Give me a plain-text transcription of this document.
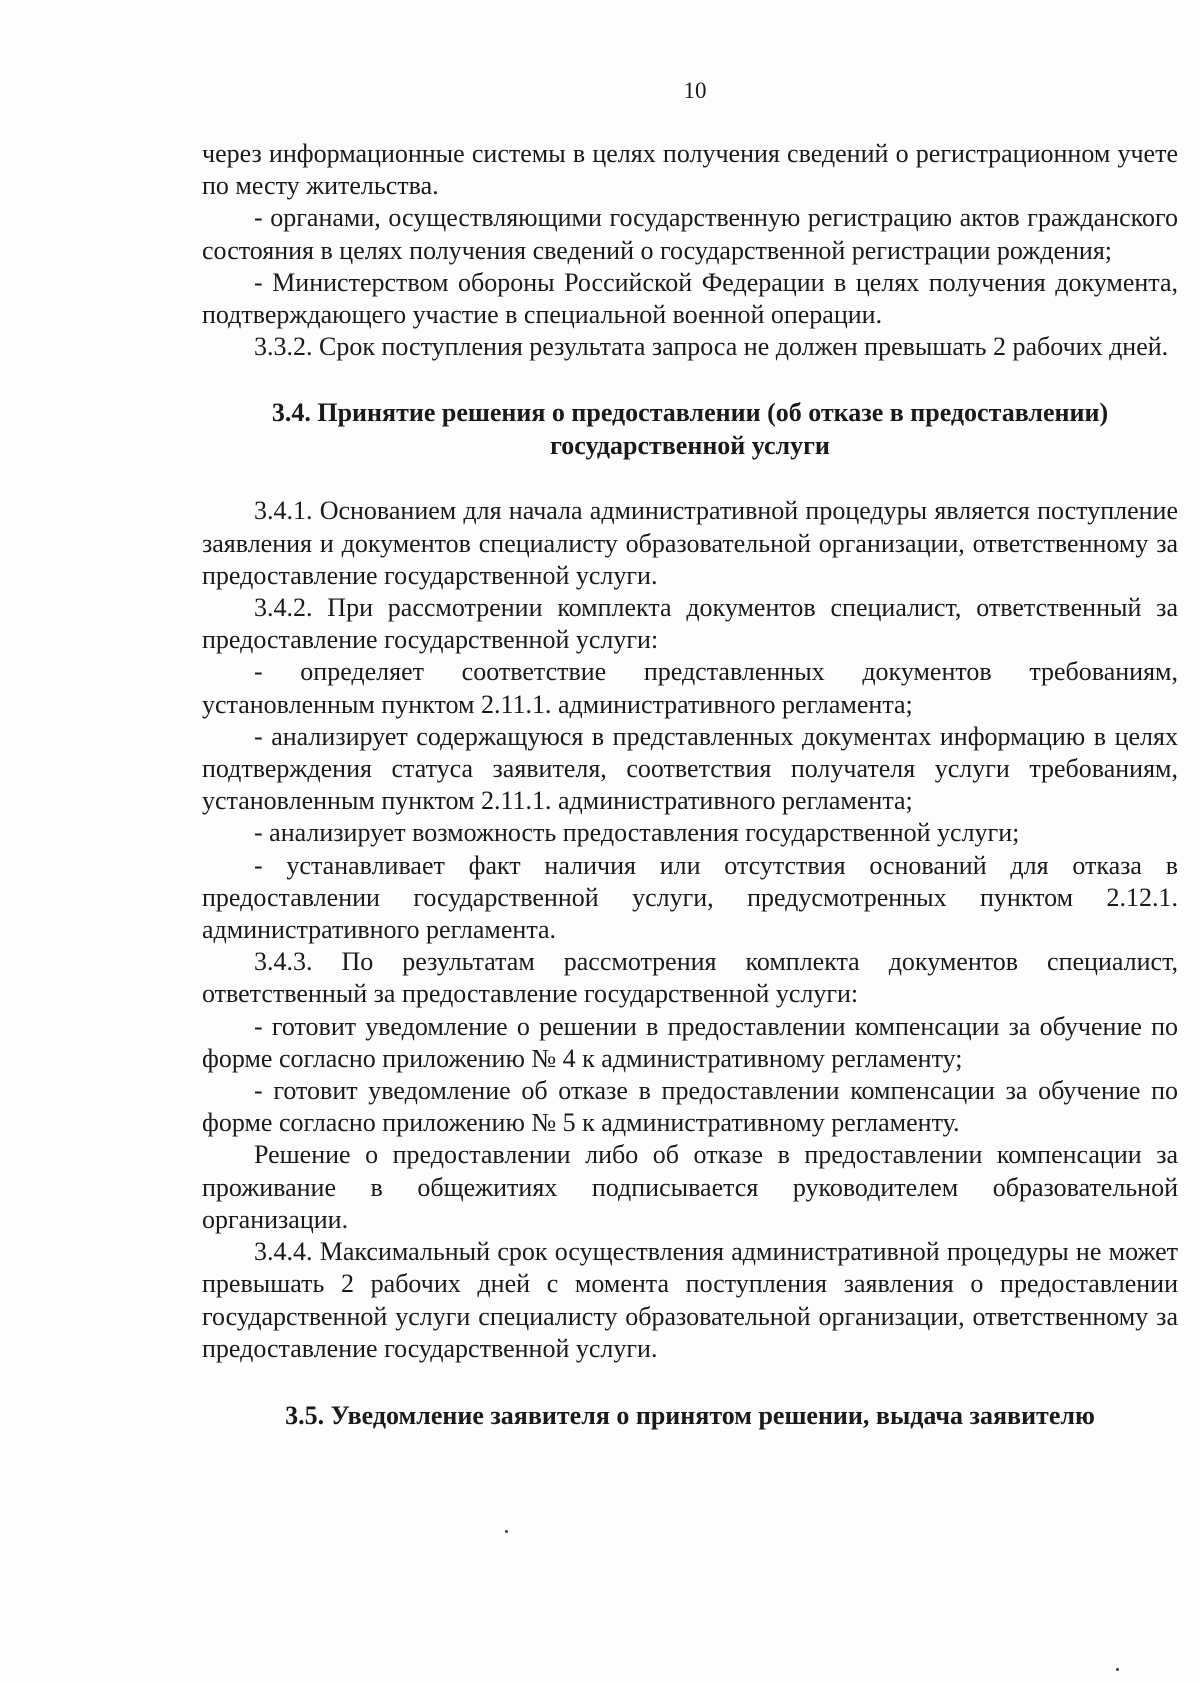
10

через информационные системы в целях получения сведений о регистрационном учете по месту жительства.

- органами, осуществляющими государственную регистрацию актов гражданского состояния в целях получения сведений о государственной регистрации рождения;

- Министерством обороны Российской Федерации в целях получения документа, подтверждающего участие в специальной военной операции.

3.3.2. Срок поступления результата запроса не должен превышать 2 рабочих дней.

3.4. Принятие решения о предоставлении (об отказе в предоставлении)
государственной услуги

3.4.1. Основанием для начала административной процедуры является поступление заявления и документов специалисту образовательной организации, ответственному за предоставление государственной услуги.

3.4.2. При рассмотрении комплекта документов специалист, ответственный за предоставление государственной услуги:

- определяет соответствие представленных документов требованиям, установленным пунктом 2.11.1. административного регламента;

- анализирует содержащуюся в представленных документах информацию в целях подтверждения статуса заявителя, соответствия получателя услуги требованиям, установленным пунктом 2.11.1. административного регламента;

- анализирует возможность предоставления государственной услуги;

- устанавливает факт наличия или отсутствия оснований для отказа в предоставлении государственной услуги, предусмотренных пунктом 2.12.1. административного регламента.

3.4.3. По результатам рассмотрения комплекта документов специалист, ответственный за предоставление государственной услуги:

- готовит уведомление о решении в предоставлении компенсации за обучение по форме согласно приложению № 4 к административному регламенту;

- готовит уведомление об отказе в предоставлении компенсации за обучение по форме согласно приложению № 5 к административному регламенту.

Решение о предоставлении либо об отказе в предоставлении компенсации за проживание в общежитиях подписывается руководителем образовательной организации.

3.4.4. Максимальный срок осуществления административной процедуры не может превышать 2 рабочих дней с момента поступления заявления о предоставлении государственной услуги специалисту образовательной организации, ответственному за предоставление государственной услуги.

3.5. Уведомление заявителя о принятом решении, выдача заявителю
